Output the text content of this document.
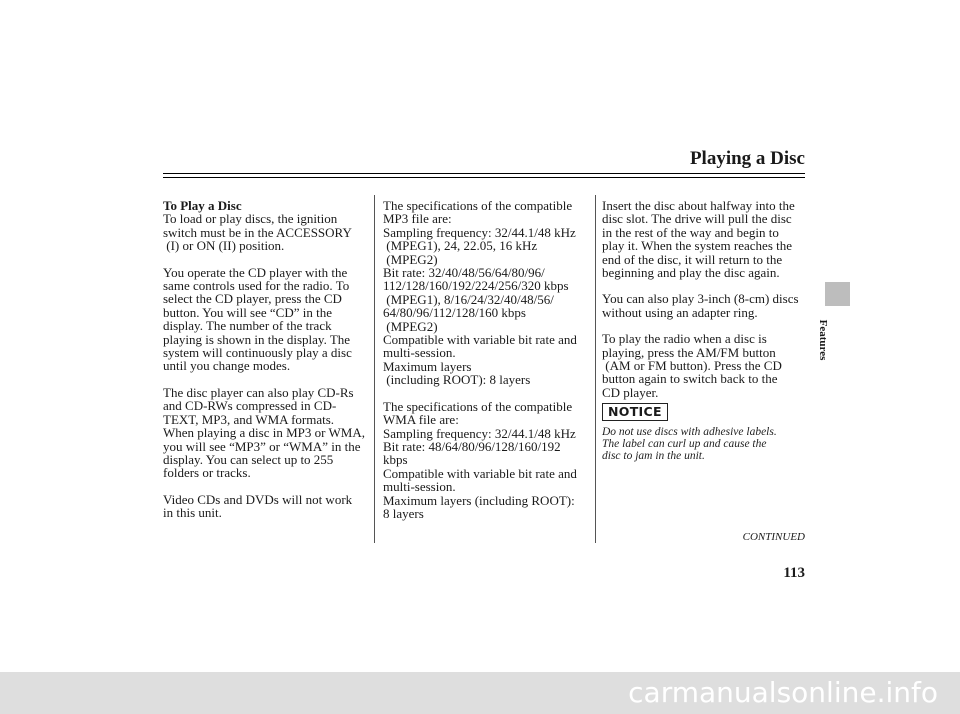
Playing a Disc
To Play a Disc

To load or play discs, the ignition
switch must be in the ACCESSORY
(I) or ON (II) position.

You operate the CD player with the
same controls used for the radio. To
select the CD player, press the CD
button. You will see “CD” in the
display. The number of the track
playing is shown in the display. The
system will continuously play a disc
until you change modes.

The disc player can also play CD-Rs
and CD-RWs compressed in CD-
TEXT, MP3, and WMA formats.
When playing a disc in MP3 or WMA,
you will see “MP3” or “WMA” in the
display. You can select up to 255
folders or tracks.

Video CDs and DVDs will not work
in this unit.

The specifications of the compatible
MP3 file are:
Sampling frequency: 32/44.1/48 kHz
(MPEG1), 24, 22.05, 16 kHz
(MPEG2)
Bit rate: 32/40/48/56/64/80/96/
112/128/160/192/224/256/320 kbps
(MPEG1), 8/16/24/32/40/48/56/
64/80/96/112/128/160 kbps
(MPEG2)
Compatible with variable bit rate and
multi-session.
Maximum layers
(including ROOT): 8 layers

The specifications of the compatible
WMA file are:
Sampling frequency: 32/44.1/48 kHz
Bit rate: 48/64/80/96/128/160/192
kbps
Compatible with variable bit rate and
multi-session.
Maximum layers (including ROOT):
8 layers

Insert the disc about halfway into the
disc slot. The drive will pull the disc
in the rest of the way and begin to
play it. When the system reaches the
end of the disc, it will return to the
beginning and play the disc again.

You can also play 3-inch (8-cm) discs
without using an adapter ring.

To play the radio when a disc is
playing, press the AM/FM button
(AM or FM button). Press the CD
button again to switch back to the
CD player.

NOTICE

Do not use discs with adhesive labels.
The label can curl up and cause the
disc to jam in the unit.

CONTINUED
113
Features
carmanualsonline.info
